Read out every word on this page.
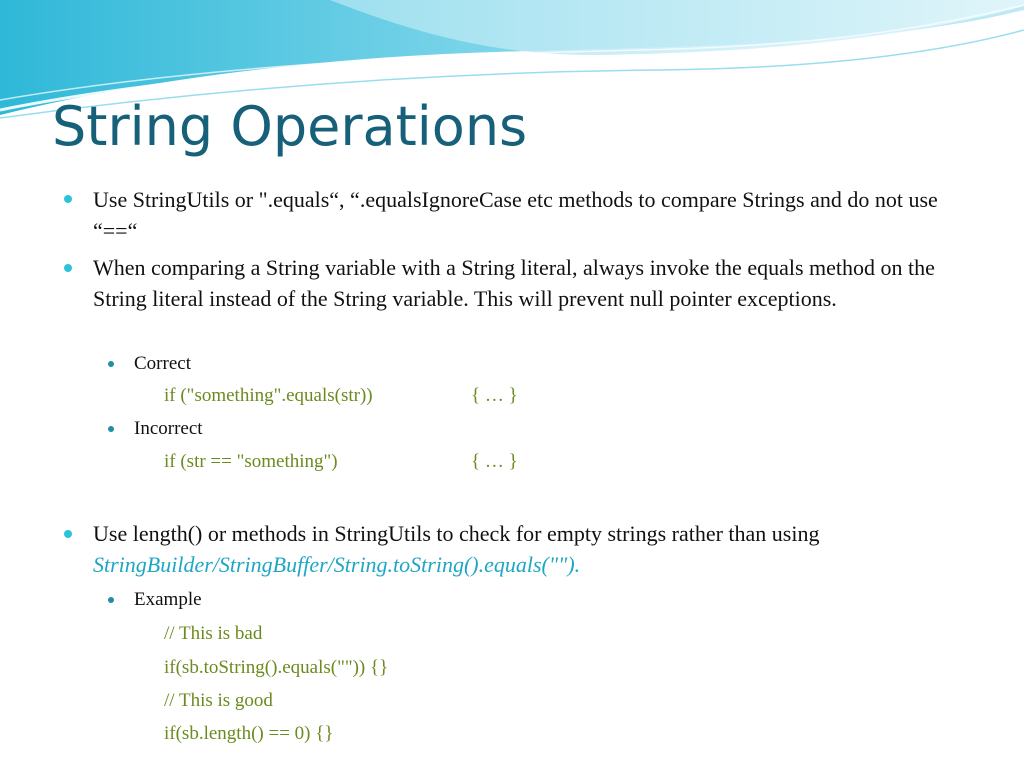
String Operations
Use StringUtils or ".equals“, “.equalsIgnoreCase etc methods to compare Strings and do not use “==“
When comparing a String variable with a String literal, always invoke the equals method on the String literal instead of the String variable. This will prevent null pointer exceptions.
Correct
if ("something".equals(str))	{ … }
Incorrect
if (str == "something")	{ … }
Use length() or methods in StringUtils to check for empty strings rather than using StringBuilder/StringBuffer/String.toString().equals("").
Example
// This is bad
if(sb.toString().equals("")) {}
// This is good
if(sb.length() == 0) {}
